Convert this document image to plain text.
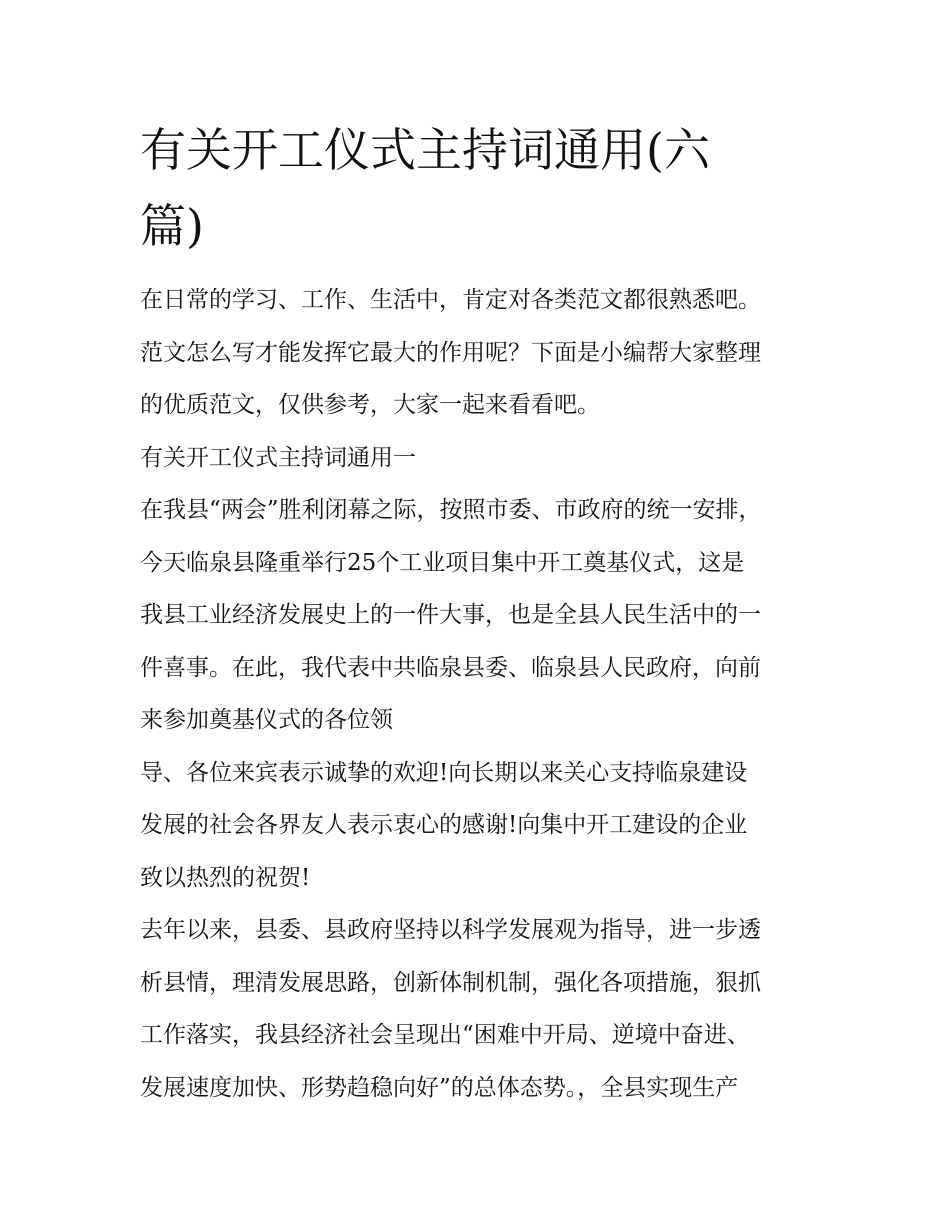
有关开工仪式主持词通用(六
篇)
在日常的学习、工作、生活中，肯定对各类范文都很熟悉吧。
范文怎么写才能发挥它最大的作用呢？下面是小编帮大家整理
的优质范文，仅供参考，大家一起来看看吧。
有关开工仪式主持词通用一
在我县“两会”胜利闭幕之际，按照市委、市政府的统一安排，
今天临泉县隆重举行25个工业项目集中开工奠基仪式，这是
我县工业经济发展史上的一件大事，也是全县人民生活中的一
件喜事。在此，我代表中共临泉县委、临泉县人民政府，向前
来参加奠基仪式的各位领
导、各位来宾表示诚挚的欢迎!向长期以来关心支持临泉建设
发展的社会各界友人表示衷心的感谢!向集中开工建设的企业
致以热烈的祝贺!
去年以来，县委、县政府坚持以科学发展观为指导，进一步透
析县情，理清发展思路，创新体制机制，强化各项措施，狠抓
工作落实，我县经济社会呈现出“困难中开局、逆境中奋进、
发展速度加快、形势趋稳向好”的总体态势。，全县实现生产
